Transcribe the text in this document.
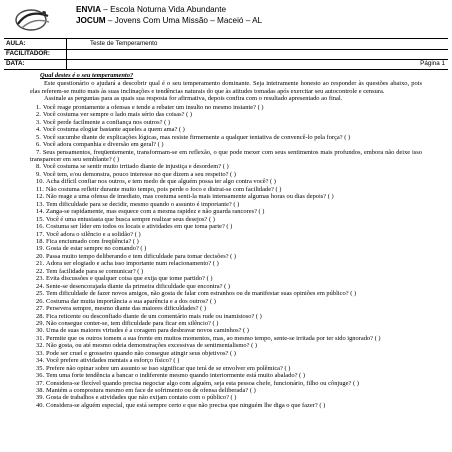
ENVIA – Escola Noturna Vida Abundante
JOCUM – Jovens Com Uma Missão – Maceió – AL
AULA:	Teste de Temperamento
FACILITADOR:
DATA:	Página 1
Qual destes é o seu temperamento?

Este questionário o ajudará a descobrir qual é o seu temperamento dominante. Seja inteiramente honesto ao responder às questões abaixo, pois elas referem-se muito mais às suas inclinações e tendências naturais do que às atitudes tomadas após exercitar seu autocontrole e censura.

Assinale as perguntas para as quais sua resposta for afirmativa, depois confira com o resultado apresentado ao final.

1. Você reage prontamente a ofensas e tende a rebater um insulto no mesmo instante? ( )
2. Você costuma ver sempre o lado mais sério das coisas? ( )
3. Você perde facilmente a confiança nos outros? ( )
4. Você costuma elogiar bastante aqueles a quem ama? ( )
5. Você sucumbe diante de explicações lógicas, mas resiste firmemente a qualquer tentativa de convencê-lo pela força? ( )
6. Você adora companhia e diversão em geral? ( )
7. Seus pensamentos, freqüentemente, transformam-se em reflexão, o que pode mexer com seus sentimentos mais profundos, embora não deixe isso transparecer em seu semblante? ( )
8. Você costuma se sentir muito irritado diante de injustiça e desordem? ( )
9. Você tem, e/ou demonstra, pouco interesse no que dizem a seu respeito? ( )
10. Acha difícil confiar nos outros, e tem medo de que alguém possa ter algo contra você? ( )
11. Não costuma refletir durante muito tempo, pois perde o foco e distrai-se com facilidade? ( )
12. Não reage a uma ofensa de imediato, mas costuma senti-la mais intensamente algumas horas ou dias depois? ( )
13. Tem dificuldade para se decidir, mesmo quando o assunto é importante? ( )
14. Zanga-se rapidamente, mas esquece com a mesma rapidez e não guarda rancores? ( )
15. Você é uma entusiasta que busca sempre realizar seus desejos? ( )
16. Costuma ser líder em todos os locais e atividades em que toma parte? ( )
17. Você adora o silêncio e a solidão? ( )
18. Fica enciumado com freqüência? ( )
19. Gosta de estar sempre no comando? ( )
20. Passa muito tempo deliberando e tem dificuldade para tomar decisões? ( )
21. Adora ser elogiado e acha isso importante num relacionamento? ( )
22. Tem facilidade para se comunicar? ( )
23. Evita discussões e qualquer coisa que exija que tome partido? ( )
24. Sente-se desencorajada diante da primeira dificuldade que encontra? ( )
25. Tem dificuldade de fazer novos amigos, não gosta de falar com estranhos ou de manifestar suas opiniões em público? ( )
26. Costuma dar muita importância a sua aparência e a dos outros? ( )
27. Persevera sempre, mesmo diante das maiores dificuldades? ( )
28. Fica reticente ou desconfiado diante de um comentário mais rude ou inamistoso? ( )
29. Não consegue conter-se, tem dificuldade para ficar em silêncio? ( )
30. Uma de suas maiores virtudes é a coragem para desbravar novos caminhos? ( )
31. Permite que os outros tomem a sua frente em muitos momentos, mas, ao mesmo tempo, sente-se irritada por ter sido ignorado? ( )
32. Não gosta, ou até mesmo odeia demonstrações excessivas de sentimentalismo? ( )
33. Pode ser cruel e grosseiro quando não consegue atingir seus objetivos? ( )
34. Você prefere atividades mentais a esforço físico? ( )
35. Prefere não opinar sobre um assunto se isso significar que terá de se envolver em polêmica? ( )
36. Tem uma forte tendência a bancar o indiferente mesmo quando interiormente está muito abalado? ( )
37. Considera-se flexível quando precisa negociar algo com alguém, seja esta pessoa chefe, funcionário, filho ou cônjuge? ( )
38. Mantém a compostura mesmo em face de sofrimento ou de ofensa deliberada? ( )
39. Gosta de trabalhos e atividades que não exijam contato com o público? ( )
40. Considera-se alguém especial, que está sempre certo e que não precisa que ninguém lhe diga o que fazer? ( )
